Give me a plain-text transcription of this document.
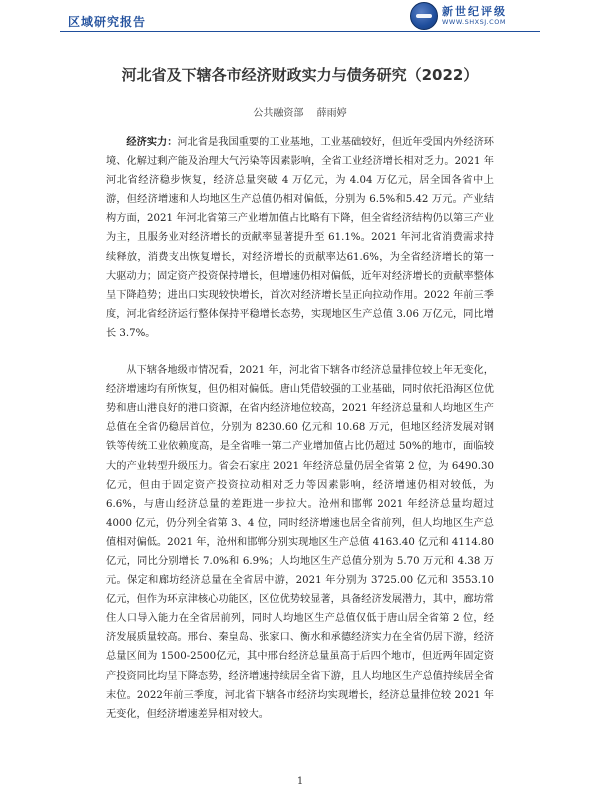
区域研究报告
新世纪评级
WWW.SHXSJ.COM
河北省及下辖各市经济财政实力与债务研究（2022）
公共融资部 薛雨婷

经济实力：河北省是我国重要的工业基地，工业基础较好，但近年受国内外经济环境、化解过剩产能及治理大气污染等因素影响，全省工业经济增长相对乏力。2021 年河北省经济稳步恢复，经济总量突破 4 万亿元，为 4.04 万亿元，居全国各省中上游，但经济增速和人均地区生产总值仍相对偏低，分别为 6.5%和5.42 万元。产业结构方面，2021 年河北省第三产业增加值占比略有下降，但全省经济结构仍以第三产业为主，且服务业对经济增长的贡献率显著提升至 61.1%。2021 年河北省消费需求持续释放，消费支出恢复增长，对经济增长的贡献率达61.6%，为全省经济增长的第一大驱动力；固定资产投资保持增长，但增速仍相对偏低，近年对经济增长的贡献率整体呈下降趋势；进出口实现较快增长，首次对经济增长呈正向拉动作用。2022 年前三季度，河北省经济运行整体保持平稳增长态势，实现地区生产总值 3.06 万亿元，同比增长 3.7%。

从下辖各地级市情况看，2021 年，河北省下辖各市经济总量排位较上年无变化，经济增速均有所恢复，但仍相对偏低。唐山凭借较强的工业基础，同时依托沿海区位优势和唐山港良好的港口资源，在省内经济地位较高，2021 年经济总量和人均地区生产总值在全省仍稳居首位，分别为 8230.60 亿元和 10.68 万元，但地区经济发展对钢铁等传统工业依赖度高，是全省唯一第二产业增加值占比仍超过 50%的地市，面临较大的产业转型升级压力。省会石家庄 2021 年经济总量仍居全省第 2 位，为 6490.30 亿元，但由于固定资产投资拉动相对乏力等因素影响，经济增速仍相对较低，为 6.6%，与唐山经济总量的差距进一步拉大。沧州和邯郸 2021 年经济总量均超过 4000 亿元，仍分列全省第 3、4 位，同时经济增速也居全省前列，但人均地区生产总值相对偏低。2021 年，沧州和邯郸分别实现地区生产总值 4163.40 亿元和 4114.80 亿元，同比分别增长 7.0%和 6.9%；人均地区生产总值分别为 5.70 万元和 4.38 万元。保定和廊坊经济总量在全省居中游，2021 年分别为 3725.00 亿元和 3553.10 亿元，但作为环京津核心功能区，区位优势较显著，具备经济发展潜力，其中，廊坊常住人口导入能力在全省居前列，同时人均地区生产总值仅低于唐山居全省第 2 位，经济发展质量较高。邢台、秦皇岛、张家口、衡水和承德经济实力在全省仍居下游，经济总量区间为 1500-2500亿元，其中邢台经济总量虽高于后四个地市，但近两年固定资产投资同比均呈下降态势，经济增速持续居全省下游，且人均地区生产总值持续居全省末位。2022年前三季度，河北省下辖各市经济均实现增长，经济总量排位较 2021 年无变化，但经济增速差异相对较大。

1
